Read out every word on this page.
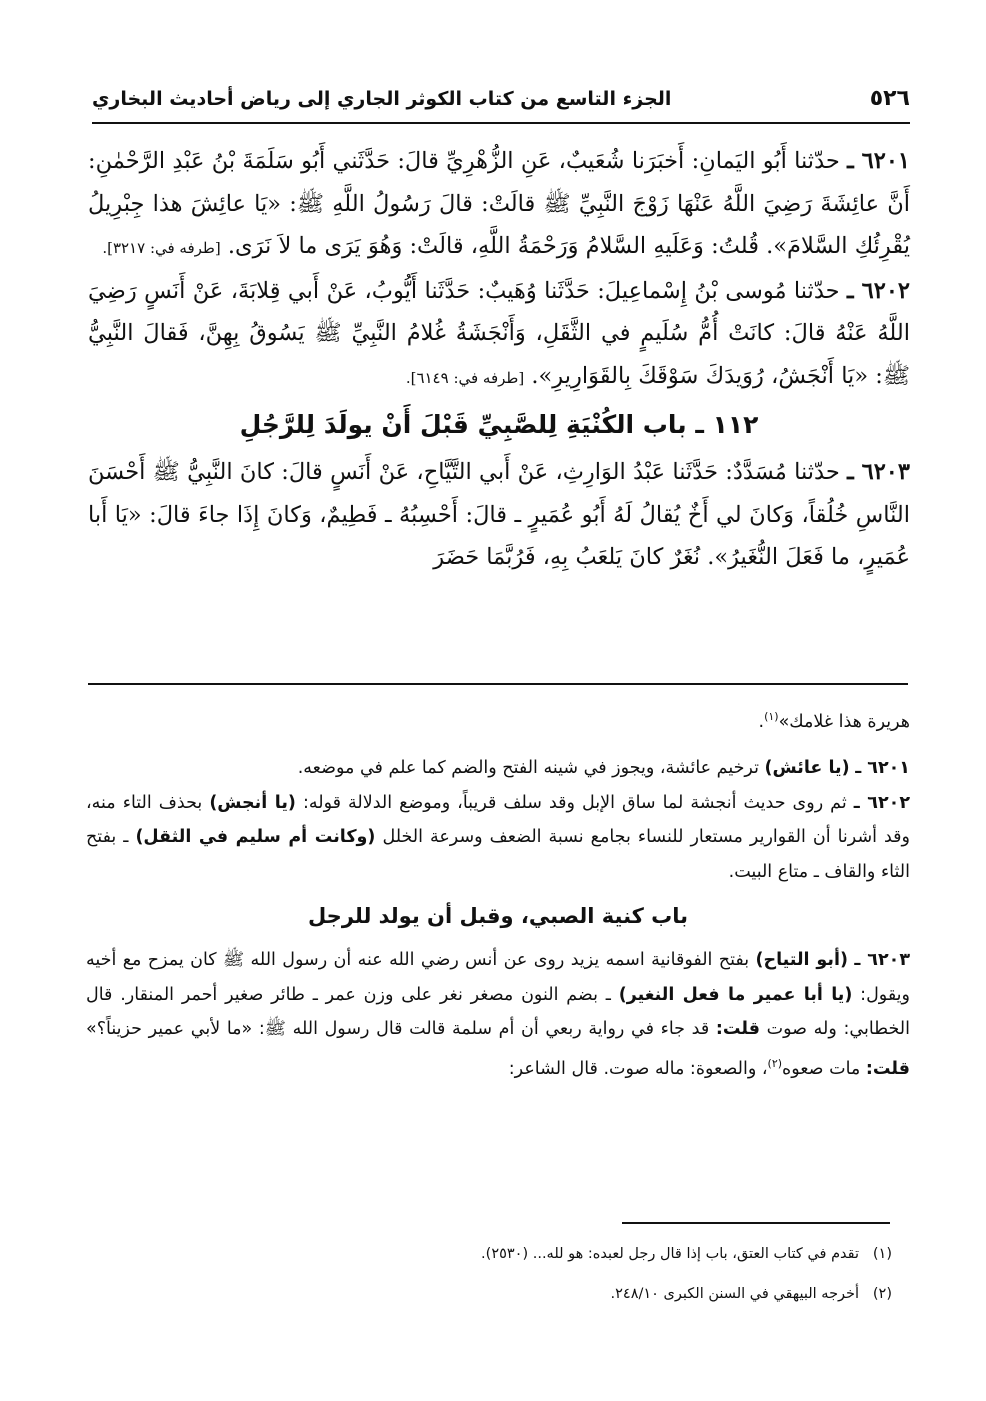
٥٢٦
الجزء التاسع من كتاب الكوثر الجاري إلى رياض أحاديث البخاري

٦٢٠١ ـ حدّثنا أَبُو اليَمانِ: أَخبَرَنا شُعَيبٌ، عَنِ الزُّهْرِيِّ قالَ: حَدَّثَني أَبُو سَلَمَةَ بْنُ عَبْدِ الرَّحْمٰنِ: أَنَّ عائِشَةَ رَضِيَ اللَّهُ عَنْهَا زَوْجَ النَّبِيِّ ﷺ قالَتْ: قالَ رَسُولُ اللَّهِ ﷺ: «يَا عائِشَ هذا جِبْرِيلُ يُقْرِئُكِ السَّلامَ». قُلتُ: وَعَلَيهِ السَّلامُ وَرَحْمَةُ اللَّهِ، قالَتْ: وَهُوَ يَرَى ما لاَ نَرَى. [طرفه في: ٣٢١٧].

٦٢٠٢ ـ حدّثنا مُوسى بْنُ إِسْماعِيلَ: حَدَّثَنا وُهَيبٌ: حَدَّثَنا أَيُّوبُ، عَنْ أَبي قِلابَةَ، عَنْ أَنَسٍ رَضِيَ اللَّهُ عَنْهُ قالَ: كانَتْ أُمُّ سُلَيمٍ في الثَّقَلِ، وَأَنْجَشَةُ غُلامُ النَّبِيِّ ﷺ يَسُوقُ بِهِنَّ، فَقالَ النَّبِيُّ ﷺ: «يَا أَنْجَشُ، رُوَيدَكَ سَوْقَكَ بِالقَوَارِيرِ». [طرفه في: ٦١٤٩].

١١٢ ـ باب الكُنْيَةِ لِلصَّبِيِّ قَبْلَ أَنْ يولَدَ لِلرَّجُلِ

٦٢٠٣ ـ حدّثنا مُسَدَّدٌ: حَدَّثَنا عَبْدُ الوَارِثِ، عَنْ أَبي التَّيَّاحِ، عَنْ أَنَسٍ قالَ: كانَ النَّبِيُّ ﷺ أَحْسَنَ النَّاسِ خُلُقاً، وَكانَ لي أَخٌ يُقالُ لَهُ أَبُو عُمَيرٍ ـ قالَ: أَحْسِبُهُ ـ فَطِيمٌ، وَكانَ إِذَا جاءَ قالَ: «يَا أَبا عُمَيرٍ، ما فَعَلَ النُّغَيرُ». نُغَرٌ كانَ يَلعَبُ بِهِ، فَرُبَّمَا حَضَرَ

هريرة هذا غلامك»$^{(١)}$.

٦٢٠١ ـ (يا عائش) ترخيم عائشة، ويجوز في شينه الفتح والضم كما علم في موضعه.

٦٢٠٢ ـ ثم روى حديث أنجشة لما ساق الإبل وقد سلف قريباً، وموضع الدلالة قوله: (يا أنجش) بحذف التاء منه، وقد أشرنا أن القوارير مستعار للنساء بجامع نسبة الضعف وسرعة الخلل (وكانت أم سليم في الثقل) ـ بفتح الثاء والقاف ـ متاع البيت.

باب كنية الصبي، وقبل أن يولد للرجل

٦٢٠٣ ـ (أبو التياح) بفتح الفوقانية اسمه يزيد روى عن أنس رضي الله عنه أن رسول الله ﷺ كان يمزح مع أخيه ويقول: (يا أبا عمير ما فعل النغير) ـ بضم النون مصغر نغر على وزن عمر ـ طائر صغير أحمر المنقار. قال الخطابي: وله صوت قلت: قد جاء في رواية ربعي أن أم سلمة قالت قال رسول الله ﷺ: «ما لأبي عمير حزيناً؟» قلت: مات صعوه$^{(٢)}$، والصعوة: ماله صوت. قال الشاعر:

(١)   تقدم في كتاب العتق، باب إذا قال رجل لعبده: هو لله... (٢٥٣٠).

(٢)   أخرجه البيهقي في السنن الكبرى ٢٤٨/١٠.
